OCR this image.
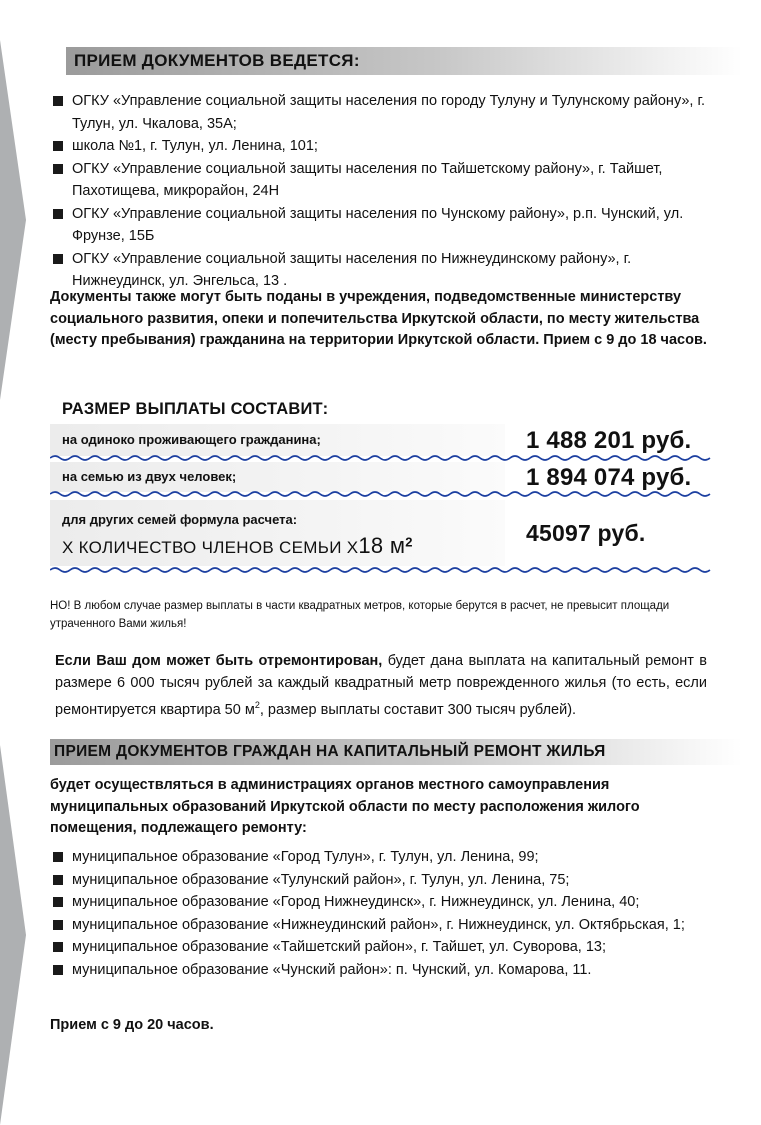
ПРИЕМ ДОКУМЕНТОВ ВЕДЕТСЯ:
ОГКУ «Управление социальной защиты населения по городу Тулуну и Тулунскому району», г. Тулун, ул. Чкалова, 35А;
школа №1, г. Тулун, ул. Ленина, 101;
ОГКУ «Управление социальной защиты населения по Тайшетскому району», г. Тайшет, Пахотищева, микрорайон, 24Н
ОГКУ «Управление социальной защиты населения по Чунскому району», р.п. Чунский, ул. Фрунзе, 15Б
ОГКУ «Управление социальной защиты населения по Нижнеудинскому району», г. Нижнеудинск, ул. Энгельса, 13 .
Документы также могут быть поданы в учреждения, подведомственные министерству социального развития, опеки и попечительства Иркутской области, по месту жительства (месту пребывания) гражданина на территории Иркутской области. Прием с 9 до 18 часов.
РАЗМЕР ВЫПЛАТЫ СОСТАВИТ:
на одиноко проживающего гражданина;	1 488 201 руб.
на семью из двух человек;	1 894 074 руб.
для других семей формула расчета:
Х КОЛИЧЕСТВО ЧЛЕНОВ СЕМЬИ Х18 $м^2$	45097 руб.
НО! В любом случае размер выплаты в части квадратных метров, которые берутся в расчет, не превысит площади утраченного Вами жилья!
Если Ваш дом может быть отремонтирован, будет дана выплата на капитальный ремонт в размере 6 000 тысяч рублей за каждый квадратный метр поврежденного жилья (то есть, если ремонтируется квартира 50 $м^2$, размер выплаты составит 300 тысяч рублей).
ПРИЕМ ДОКУМЕНТОВ ГРАЖДАН НА КАПИТАЛЬНЫЙ РЕМОНТ ЖИЛЬЯ
будет осуществляться в администрациях органов местного самоуправления муниципальных образований Иркутской области по месту расположения жилого помещения, подлежащего ремонту:
муниципальное образование «Город Тулун», г. Тулун, ул. Ленина, 99;
муниципальное образование «Тулунский район», г. Тулун, ул. Ленина, 75;
муниципальное образование «Город Нижнеудинск», г. Нижнеудинск, ул. Ленина, 40;
муниципальное образование «Нижнеудинский район», г. Нижнеудинск, ул. Октябрьская, 1;
муниципальное образование «Тайшетский район», г. Тайшет, ул. Суворова, 13;
муниципальное образование «Чунский район»: п. Чунский, ул. Комарова, 11.
Прием с 9 до 20 часов.
